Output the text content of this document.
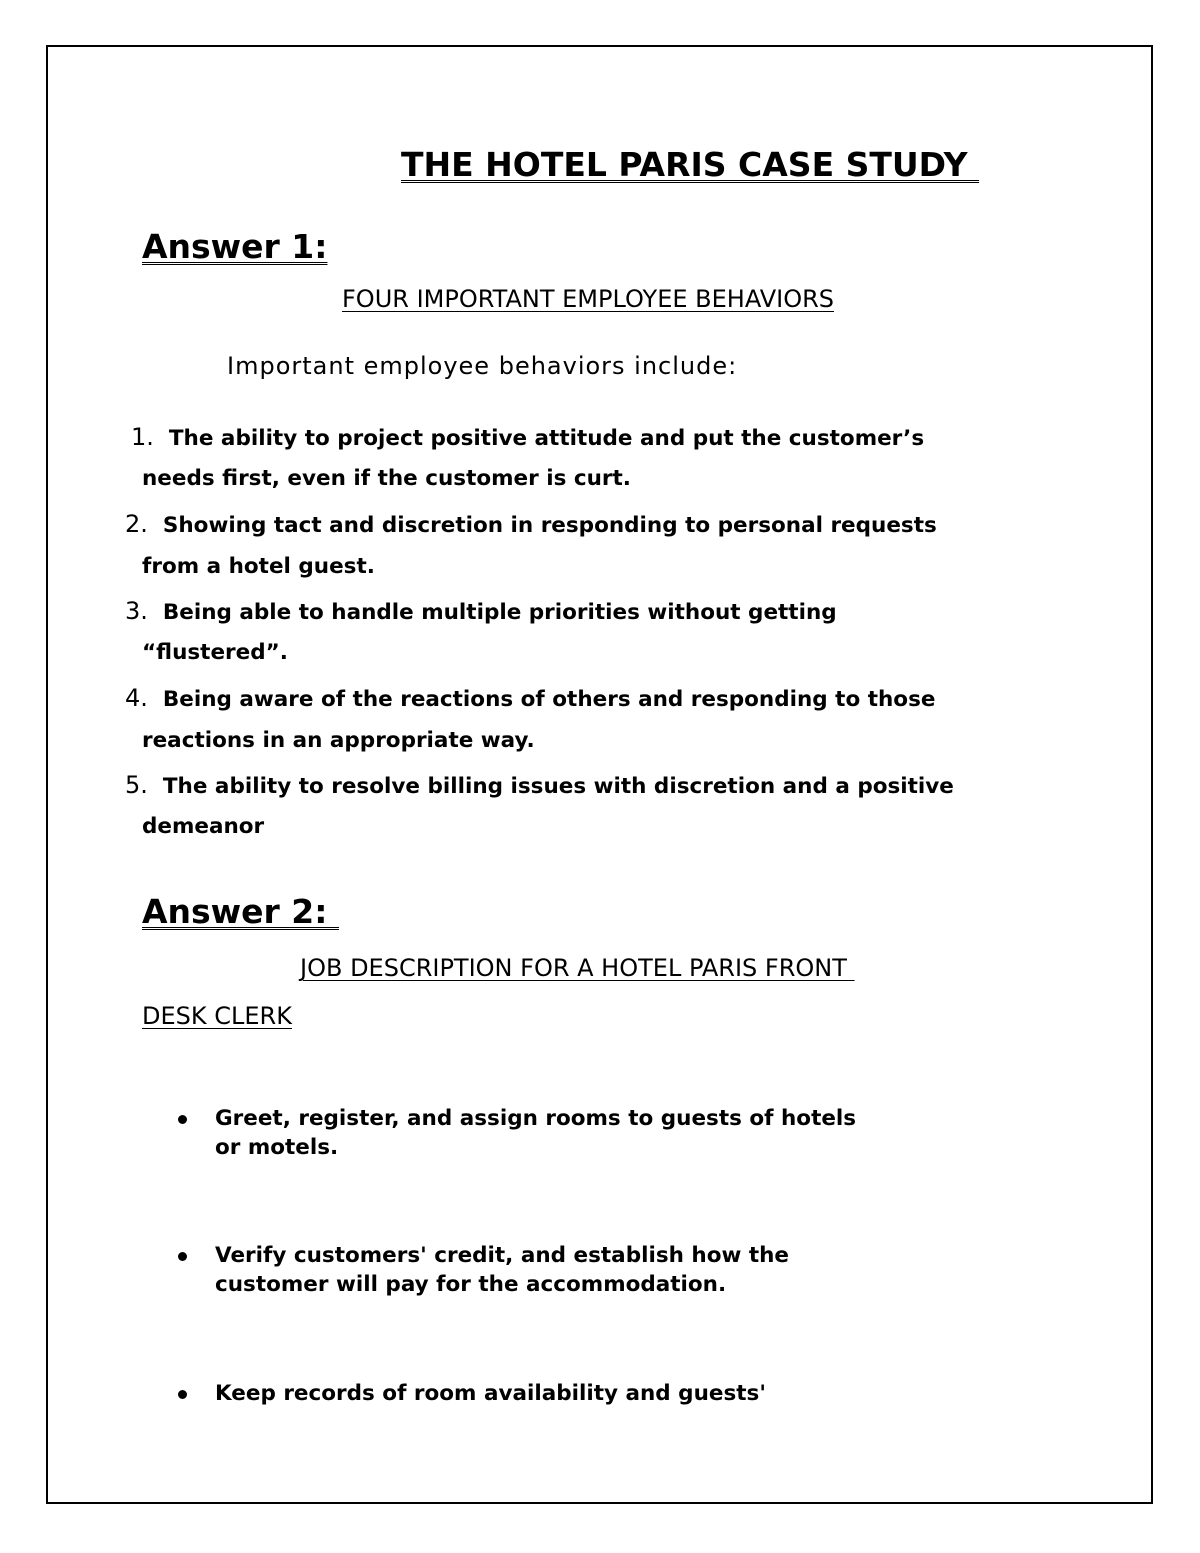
THE HOTEL PARIS CASE STUDY
Answer 1:
FOUR IMPORTANT EMPLOYEE BEHAVIORS
Important employee behaviors include:
1. The ability to project positive attitude and put the customer’s
needs first, even if the customer is curt.
2. Showing tact and discretion in responding to personal requests
from a hotel guest.
3. Being able to handle multiple priorities without getting
“flustered”.
4. Being aware of the reactions of others and responding to those
reactions in an appropriate way.
5. The ability to resolve billing issues with discretion and a positive
demeanor
Answer 2:
JOB DESCRIPTION FOR A HOTEL PARIS FRONT
DESK CLERK
Greet, register, and assign rooms to guests of hotels
or motels.
Verify customers' credit, and establish how the
customer will pay for the accommodation.
Keep records of room availability and guests'
